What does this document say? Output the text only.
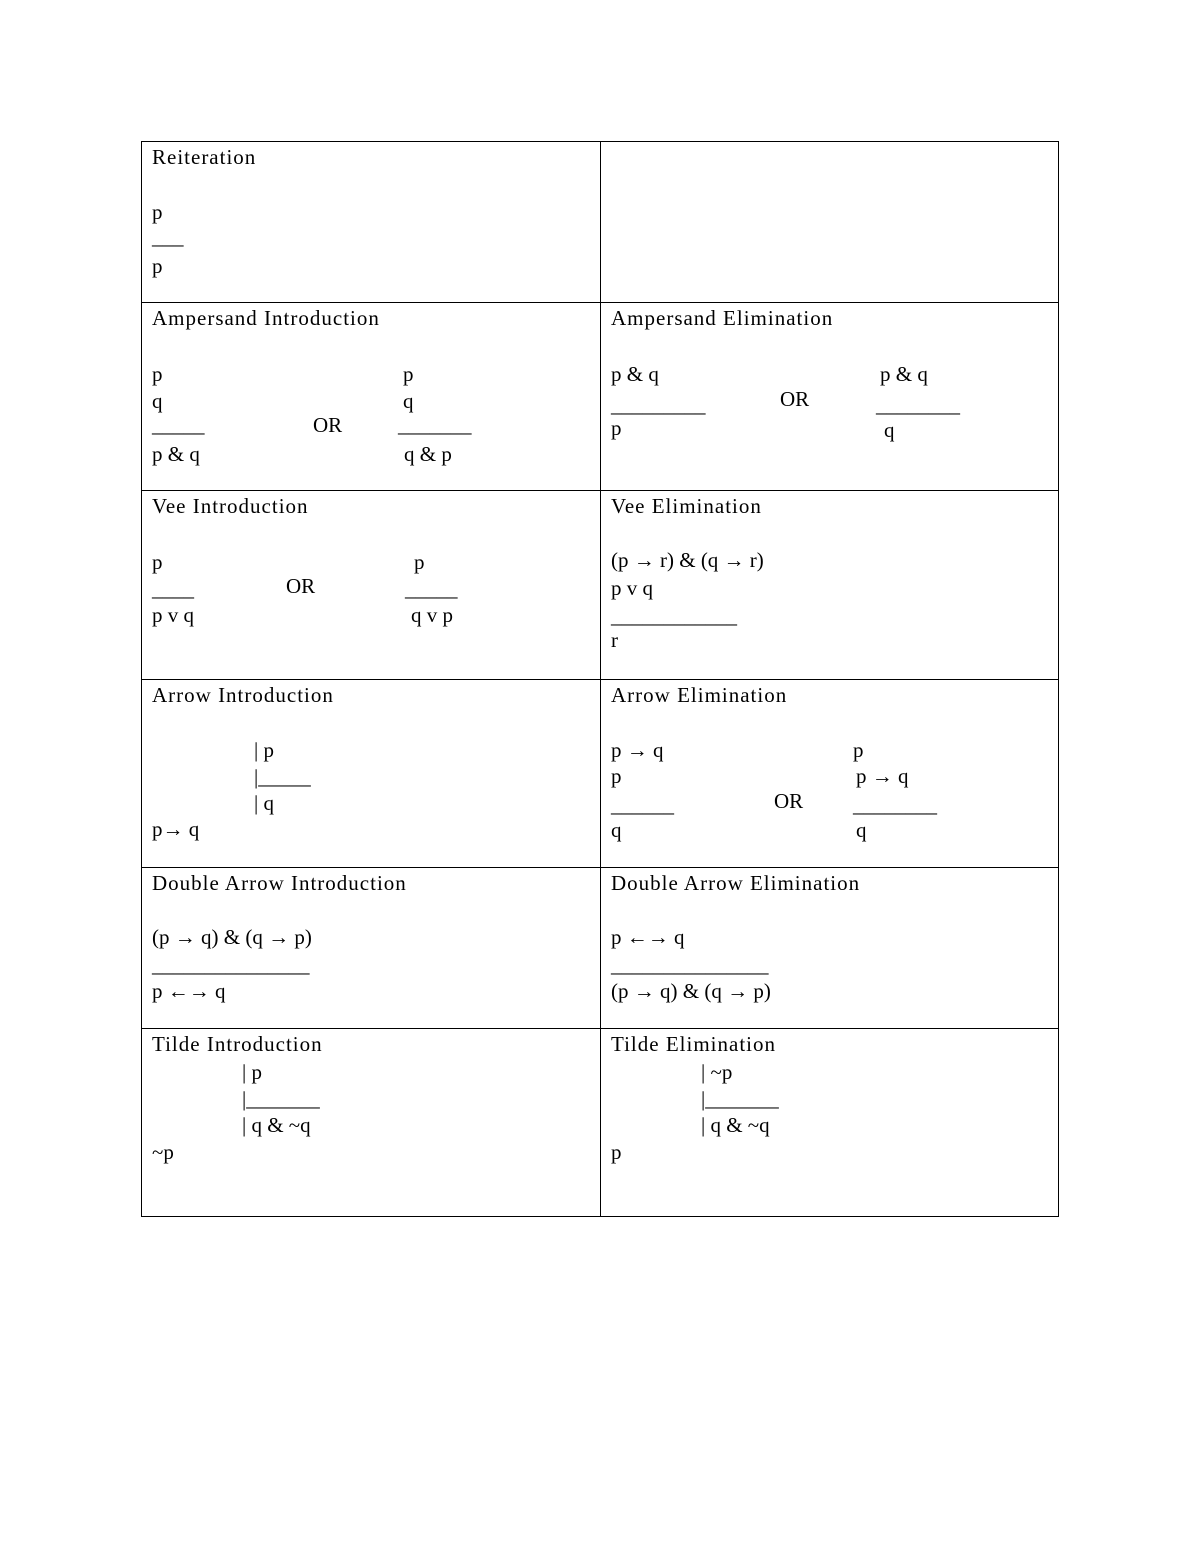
Reiteration
p
___
p
Ampersand Introduction
p
q
_____
p & q
OR
p
q
_______
q & p
Ampersand Elimination
p & q
_________
p
OR
p & q
________
q
Vee Introduction
p
____
p v q
OR
p
_____
q v p
Vee Elimination
(p → r) & (q → r)
p v q
____________
r
Arrow Introduction
| p
|_____
| q
p→ q
Arrow Elimination
p → q
p
______
q
OR
p
p → q
________
q
Double Arrow Introduction
(p → q) & (q → p)
_______________
p ←→ q
Double Arrow Elimination
p ←→ q
_______________
(p → q) & (q → p)
Tilde Introduction
| p
|_______
| q & ~q
~p
Tilde Elimination
| ~p
|_______
| q & ~q
p
